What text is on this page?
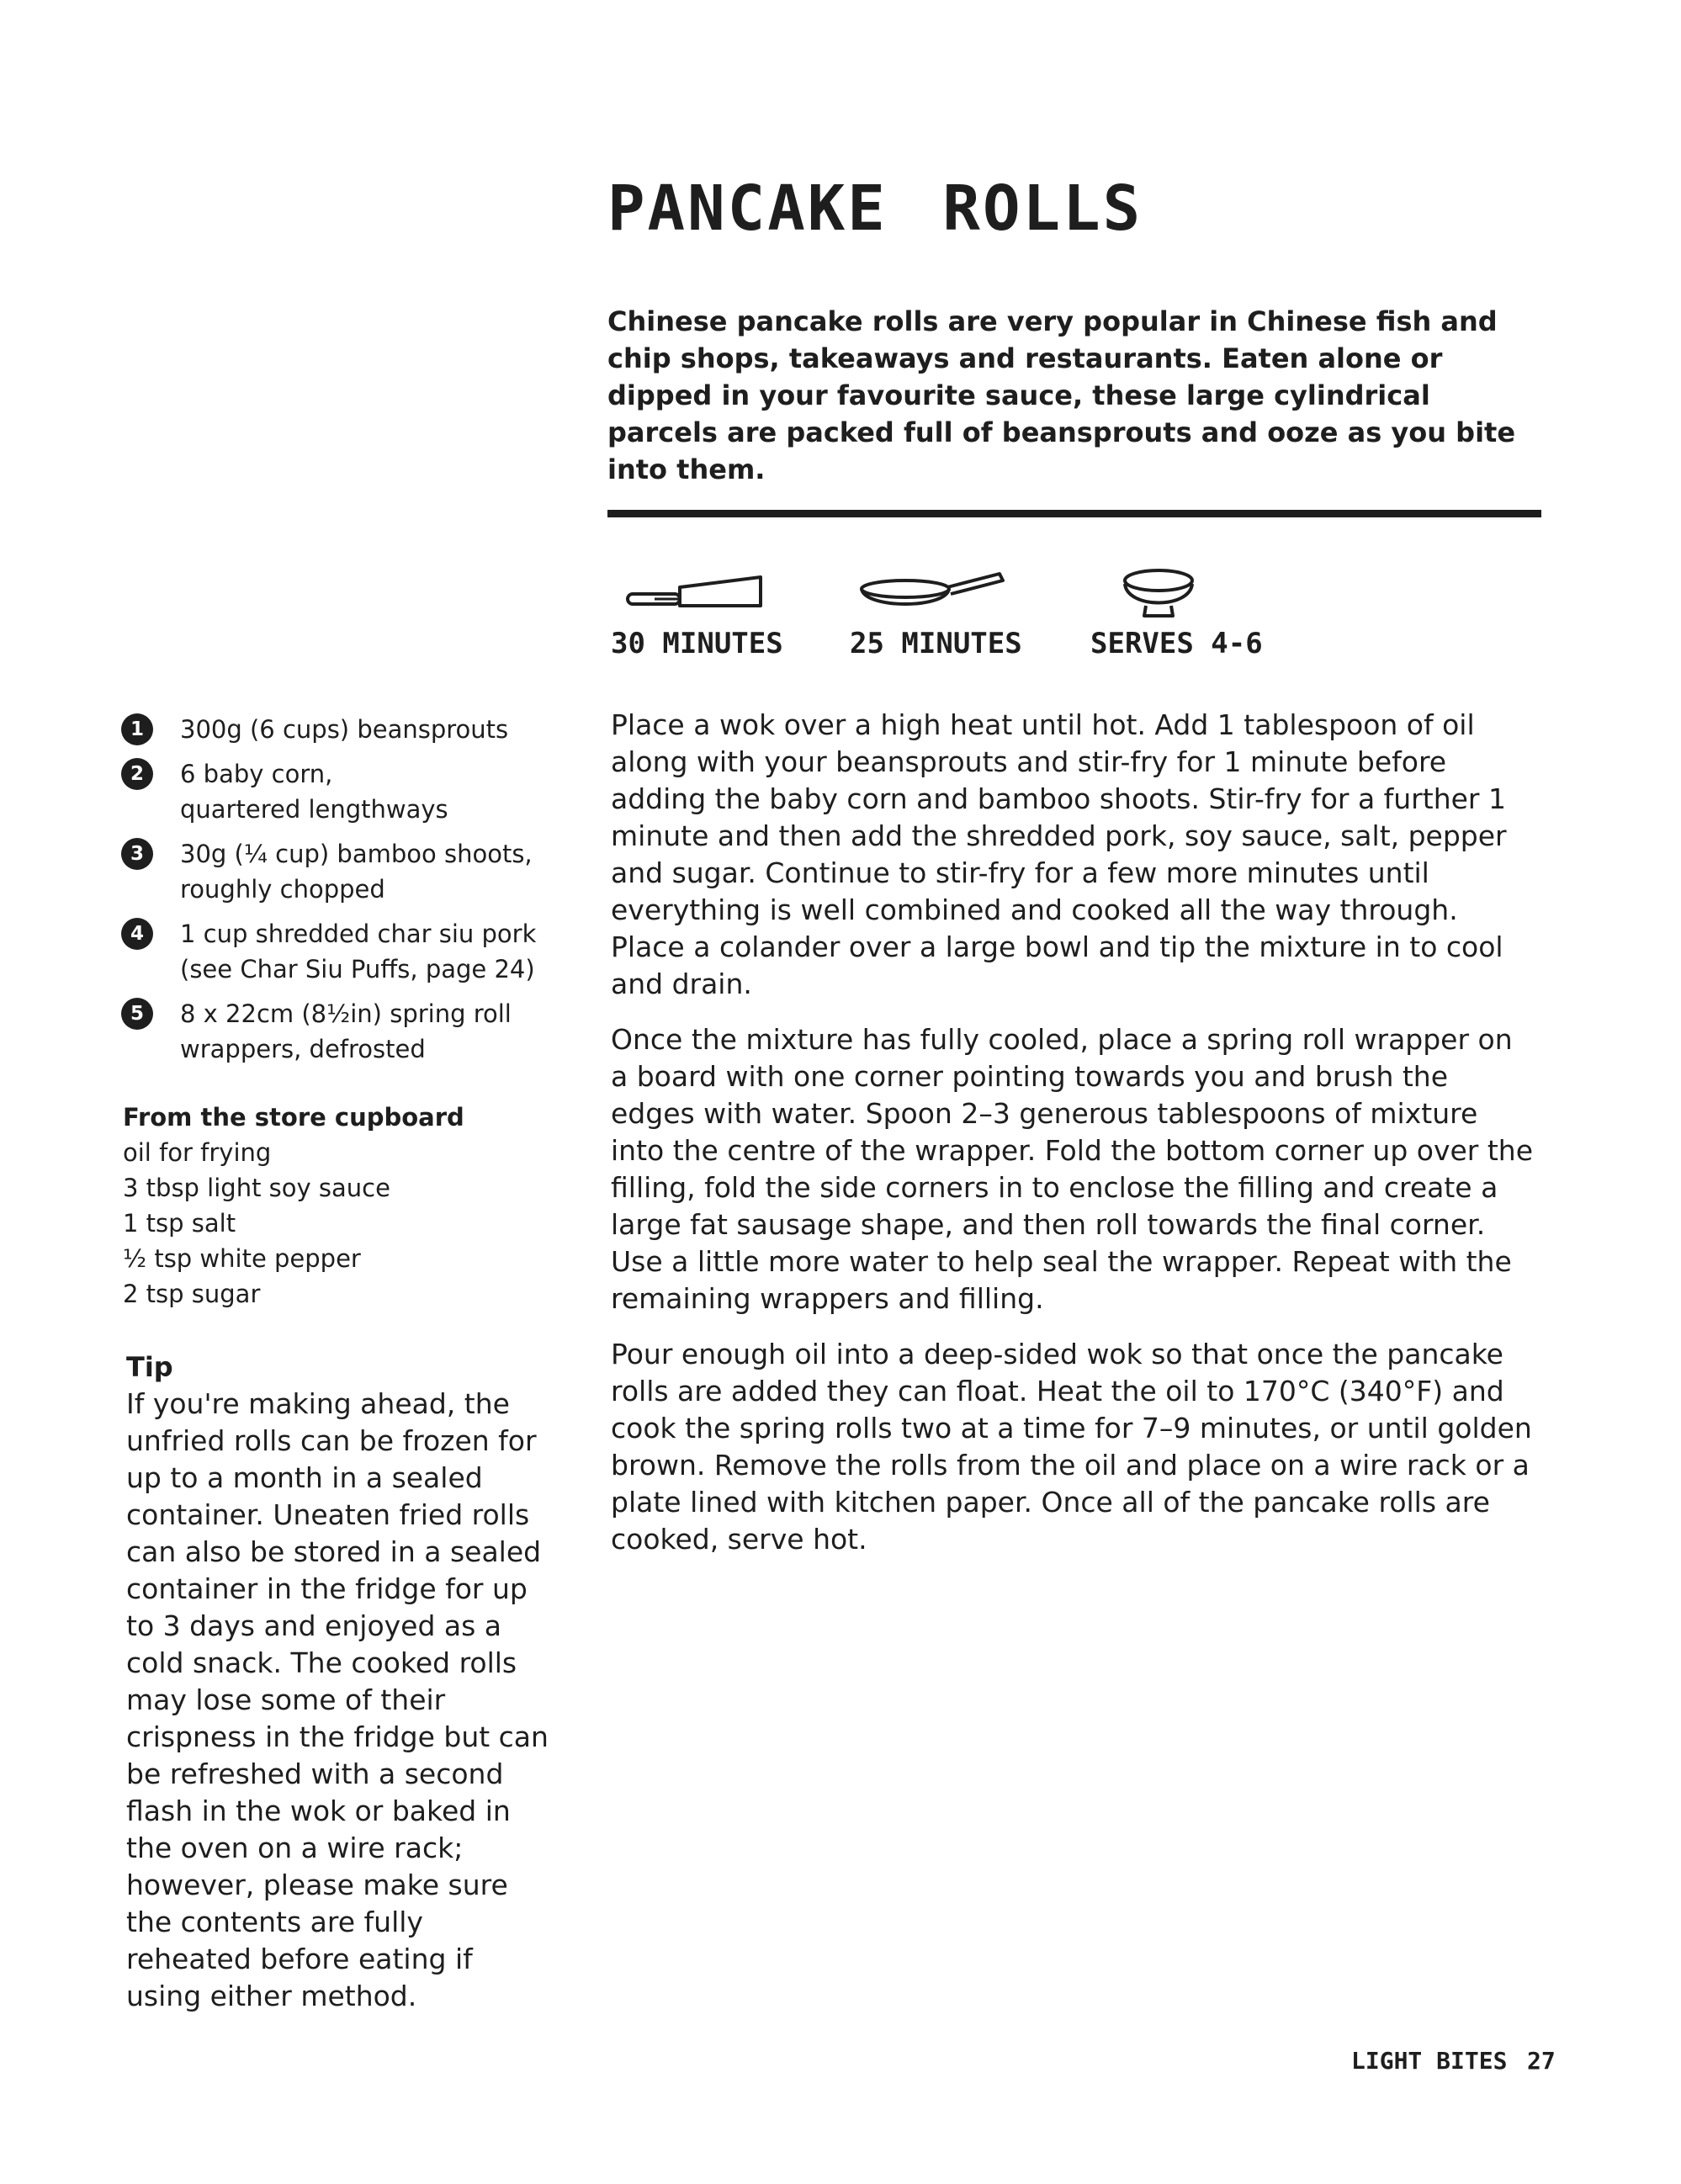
PANCAKE ROLLS
Chinese pancake rolls are very popular in Chinese fish and chip shops, takeaways and restaurants. Eaten alone or dipped in your favourite sauce, these large cylindrical parcels are packed full of beansprouts and ooze as you bite into them.
30 MINUTES 25 MINUTES SERVES 4-6
1	300g (6 cups) beansprouts
2	6 baby corn, quartered lengthways
3	30g (¼ cup) bamboo shoots, roughly chopped
4	1 cup shredded char siu pork (see Char Siu Puffs, page 24)
5	8 x 22cm (8½in) spring roll wrappers, defrosted
From the store cupboard
oil for frying
3 tbsp light soy sauce
1 tsp salt
½ tsp white pepper
2 tsp sugar
Tip
If you're making ahead, the unfried rolls can be frozen for up to a month in a sealed container. Uneaten fried rolls can also be stored in a sealed container in the fridge for up to 3 days and enjoyed as a cold snack. The cooked rolls may lose some of their crispness in the fridge but can be refreshed with a second flash in the wok or baked in the oven on a wire rack; however, please make sure the contents are fully reheated before eating if using either method.

Place a wok over a high heat until hot. Add 1 tablespoon of oil along with your beansprouts and stir-fry for 1 minute before adding the baby corn and bamboo shoots. Stir-fry for a further 1 minute and then add the shredded pork, soy sauce, salt, pepper and sugar. Continue to stir-fry for a few more minutes until everything is well combined and cooked all the way through. Place a colander over a large bowl and tip the mixture in to cool and drain.

Once the mixture has fully cooled, place a spring roll wrapper on a board with one corner pointing towards you and brush the edges with water. Spoon 2–3 generous tablespoons of mixture into the centre of the wrapper. Fold the bottom corner up over the filling, fold the side corners in to enclose the filling and create a large fat sausage shape, and then roll towards the final corner. Use a little more water to help seal the wrapper. Repeat with the remaining wrappers and filling.

Pour enough oil into a deep-sided wok so that once the pancake rolls are added they can float. Heat the oil to 170°C (340°F) and cook the spring rolls two at a time for 7–9 minutes, or until golden brown. Remove the rolls from the oil and place on a wire rack or a plate lined with kitchen paper. Once all of the pancake rolls are cooked, serve hot.

LIGHT BITES 27
